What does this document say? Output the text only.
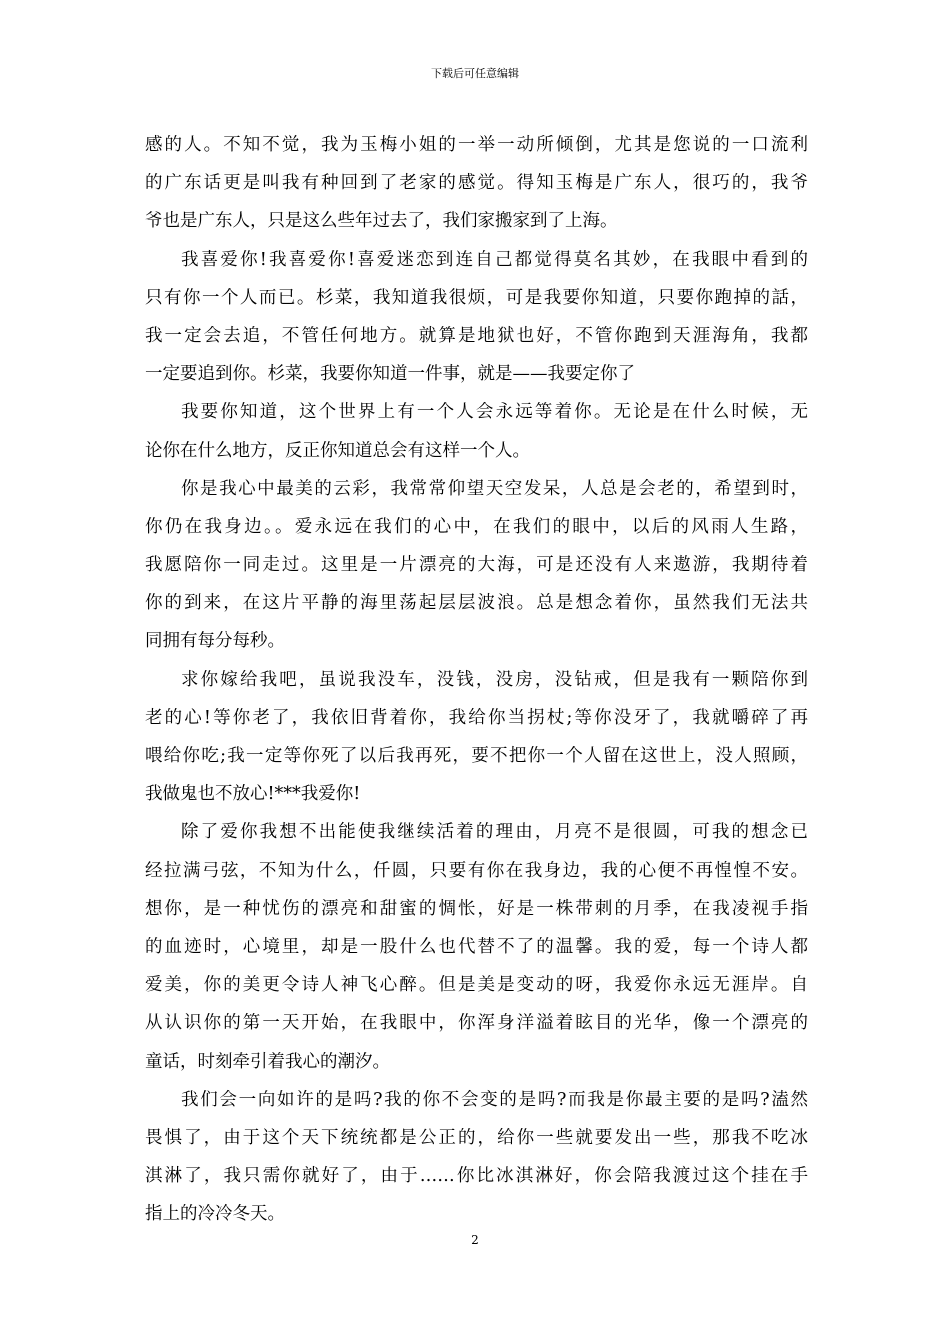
下载后可任意编辑
感的人。不知不觉，我为玉梅小姐的一举一动所倾倒，尤其是您说的一口流利
的广东话更是叫我有种回到了老家的感觉。得知玉梅是广东人，很巧的，我爷
爷也是广东人，只是这么些年过去了，我们家搬家到了上海。
我喜爱你!我喜爱你!喜爱迷恋到连自己都觉得莫名其妙，在我眼中看到的
只有你一个人而已。杉菜，我知道我很烦，可是我要你知道，只要你跑掉的話，
我一定会去追，不管任何地方。就算是地狱也好，不管你跑到天涯海角，我都
一定要追到你。杉菜，我要你知道一件事，就是——我要定你了
我要你知道，这个世界上有一个人会永远等着你。无论是在什么时候，无
论你在什么地方，反正你知道总会有这样一个人。
你是我心中最美的云彩，我常常仰望天空发呆，人总是会老的，希望到时，
你仍在我身边。。爱永远在我们的心中，在我们的眼中，以后的风雨人生路，
我愿陪你一同走过。这里是一片漂亮的大海，可是还没有人来遨游，我期待着
你的到来，在这片平静的海里荡起层层波浪。总是想念着你，虽然我们无法共
同拥有每分每秒。
求你嫁给我吧，虽说我没车，没钱，没房，没钻戒，但是我有一颗陪你到
老的心!等你老了，我依旧背着你，我给你当拐杖;等你没牙了，我就嚼碎了再
喂给你吃;我一定等你死了以后我再死，要不把你一个人留在这世上，没人照顾，
我做鬼也不放心!***我爱你!
除了爱你我想不出能使我继续活着的理由，月亮不是很圆，可我的想念已
经拉满弓弦，不知为什么，仟圆，只要有你在我身边，我的心便不再惶惶不安。
想你，是一种忧伤的漂亮和甜蜜的惆怅，好是一株带刺的月季，在我凌视手指
的血迹时，心境里，却是一股什么也代替不了的温馨。我的爱，每一个诗人都
爱美，你的美更令诗人神飞心醉。但是美是变动的呀，我爱你永远无涯岸。自
从认识你的第一天开始，在我眼中，你浑身洋溢着眩目的光华，像一个漂亮的
童话，时刻牵引着我心的潮汐。
我们会一向如许的是吗?我的你不会变的是吗?而我是你最主要的是吗?溘然
畏惧了，由于这个天下统统都是公正的，给你一些就要发出一些，那我不吃冰
淇淋了，我只需你就好了，由于……你比冰淇淋好，你会陪我渡过这个挂在手
指上的冷冷冬天。
2
